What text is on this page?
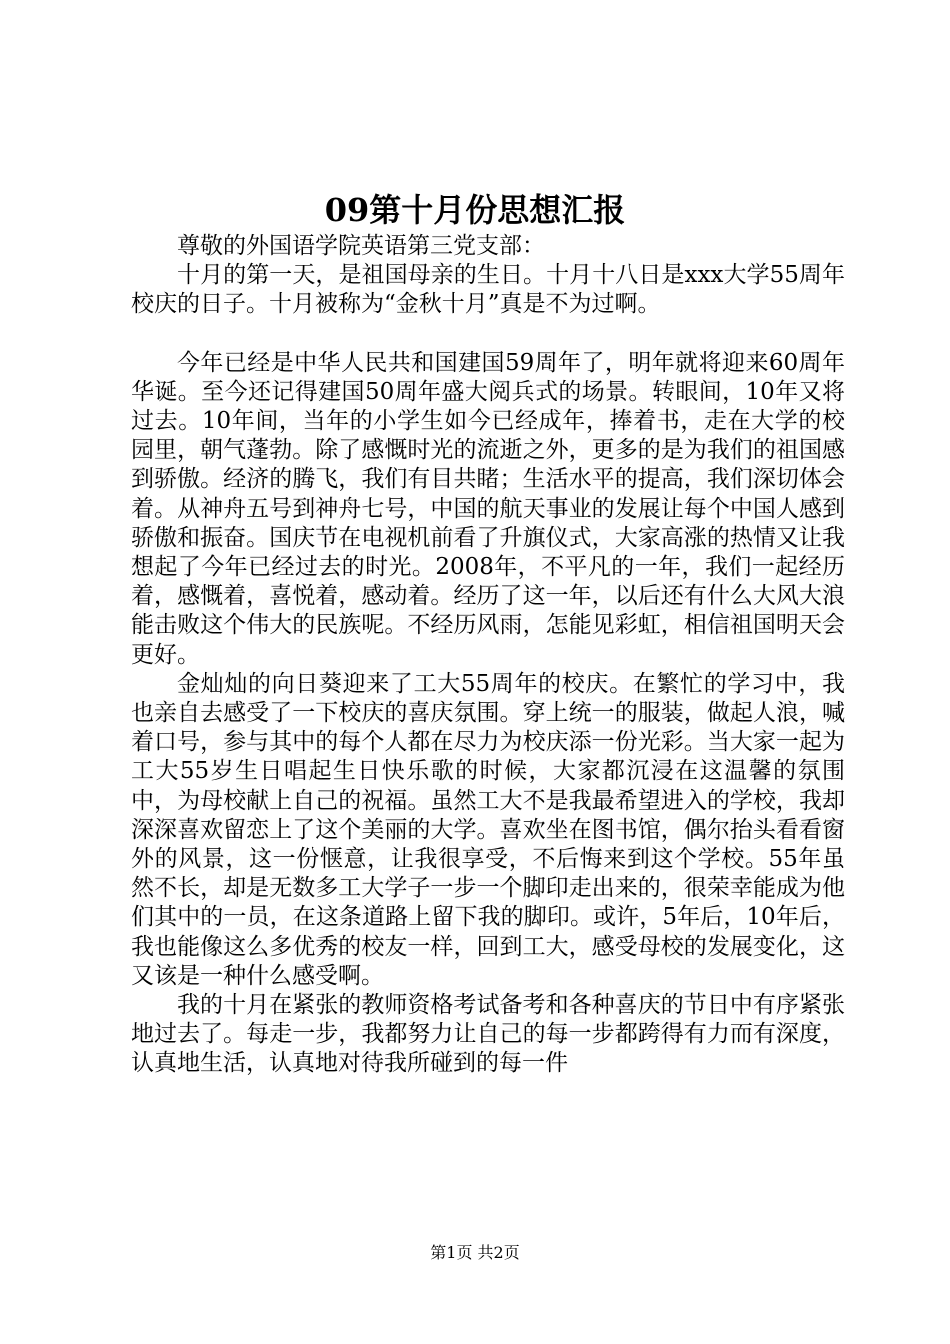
09第十月份思想汇报

尊敬的外国语学院英语第三党支部：

十月的第一天，是祖国母亲的生日。十月十八日是xxx大学55周年校庆的日子。十月被称为“金秋十月”真是不为过啊。

今年已经是中华人民共和国建国59周年了，明年就将迎来60周年华诞。至今还记得建国50周年盛大阅兵式的场景。转眼间，10年又将过去。10年间，当年的小学生如今已经成年，捧着书，走在大学的校园里，朝气蓬勃。除了感慨时光的流逝之外，更多的是为我们的祖国感到骄傲。经济的腾飞，我们有目共睹；生活水平的提高，我们深切体会着。从神舟五号到神舟七号，中国的航天事业的发展让每个中国人感到骄傲和振奋。国庆节在电视机前看了升旗仪式，大家高涨的热情又让我想起了今年已经过去的时光。2008年，不平凡的一年，我们一起经历着，感慨着，喜悦着，感动着。经历了这一年，以后还有什么大风大浪能击败这个伟大的民族呢。不经历风雨，怎能见彩虹，相信祖国明天会更好。

金灿灿的向日葵迎来了工大55周年的校庆。在繁忙的学习中，我也亲自去感受了一下校庆的喜庆氛围。穿上统一的服装，做起人浪，喊着口号，参与其中的每个人都在尽力为校庆添一份光彩。当大家一起为工大55岁生日唱起生日快乐歌的时候，大家都沉浸在这温馨的氛围中，为母校献上自己的祝福。虽然工大不是我最希望进入的学校，我却深深喜欢留恋上了这个美丽的大学。喜欢坐在图书馆，偶尔抬头看看窗外的风景，这一份惬意，让我很享受，不后悔来到这个学校。55年虽然不长，却是无数多工大学子一步一个脚印走出来的，很荣幸能成为他们其中的一员，在这条道路上留下我的脚印。或许，5年后，10年后，我也能像这么多优秀的校友一样，回到工大，感受母校的发展变化，这又该是一种什么感受啊。

我的十月在紧张的教师资格考试备考和各种喜庆的节日中有序紧张地过去了。每走一步，我都努力让自己的每一步都跨得有力而有深度，认真地生活，认真地对待我所碰到的每一件

第1页 共2页
